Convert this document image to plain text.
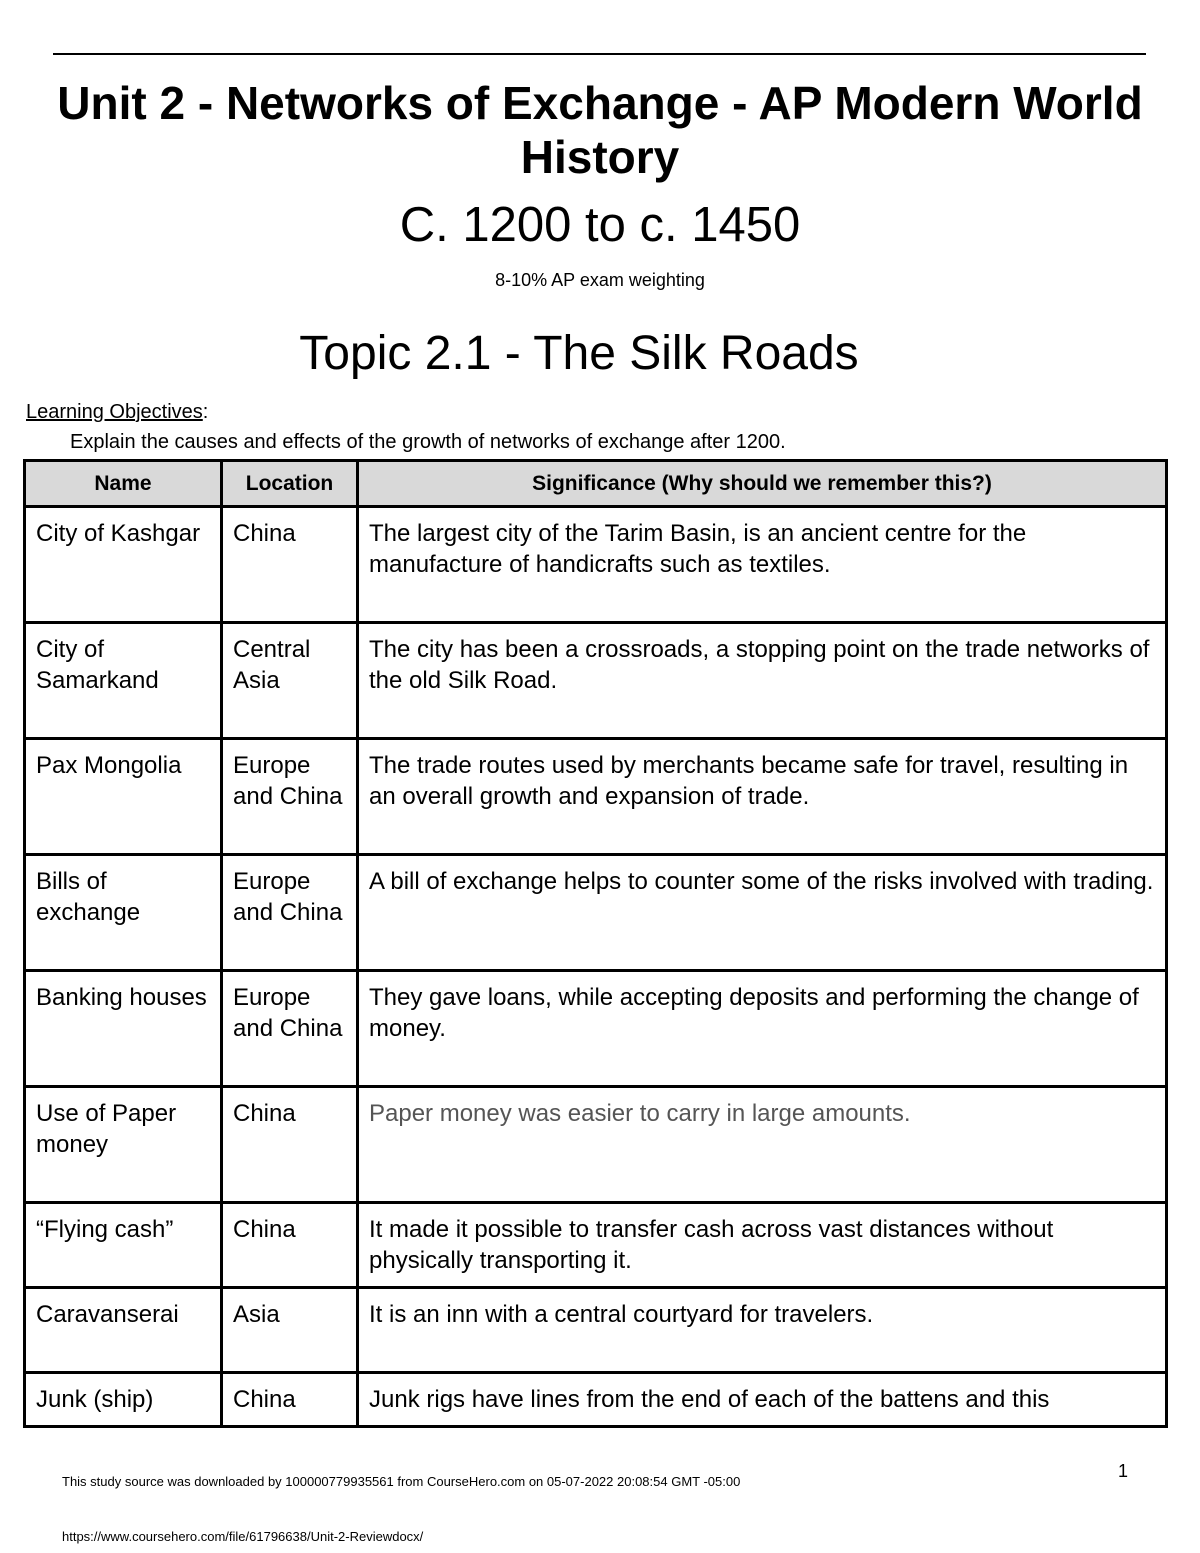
Unit 2 - Networks of Exchange - AP Modern World History
C. 1200 to c. 1450
8-10% AP exam weighting
Topic 2.1 - The Silk Roads
Learning Objectives:
Explain the causes and effects of the growth of networks of exchange after 1200.
Name	Location	Significance (Why should we remember this?)
City of Kashgar	China	The largest city of the Tarim Basin, is an ancient centre for the manufacture of handicrafts such as textiles.
City of Samarkand	Central Asia	The city has been a crossroads, a stopping point on the trade networks of the old Silk Road.
Pax Mongolia	Europe and China	The trade routes used by merchants became safe for travel, resulting in an overall growth and expansion of trade.
Bills of exchange	Europe and China	A bill of exchange helps to counter some of the risks involved with trading.
Banking houses	Europe and China	They gave loans, while accepting deposits and performing the change of money.
Use of Paper money	China	Paper money was easier to carry in large amounts.
“Flying cash”	China	It made it possible to transfer cash across vast distances without physically transporting it.
Caravanserai	Asia	It is an inn with a central courtyard for travelers.
Junk (ship)	China	Junk rigs have lines from the end of each of the battens and this
1
This study source was downloaded by 100000779935561 from CourseHero.com on 05-07-2022 20:08:54 GMT -05:00
https://www.coursehero.com/file/61796638/Unit-2-Reviewdocx/
